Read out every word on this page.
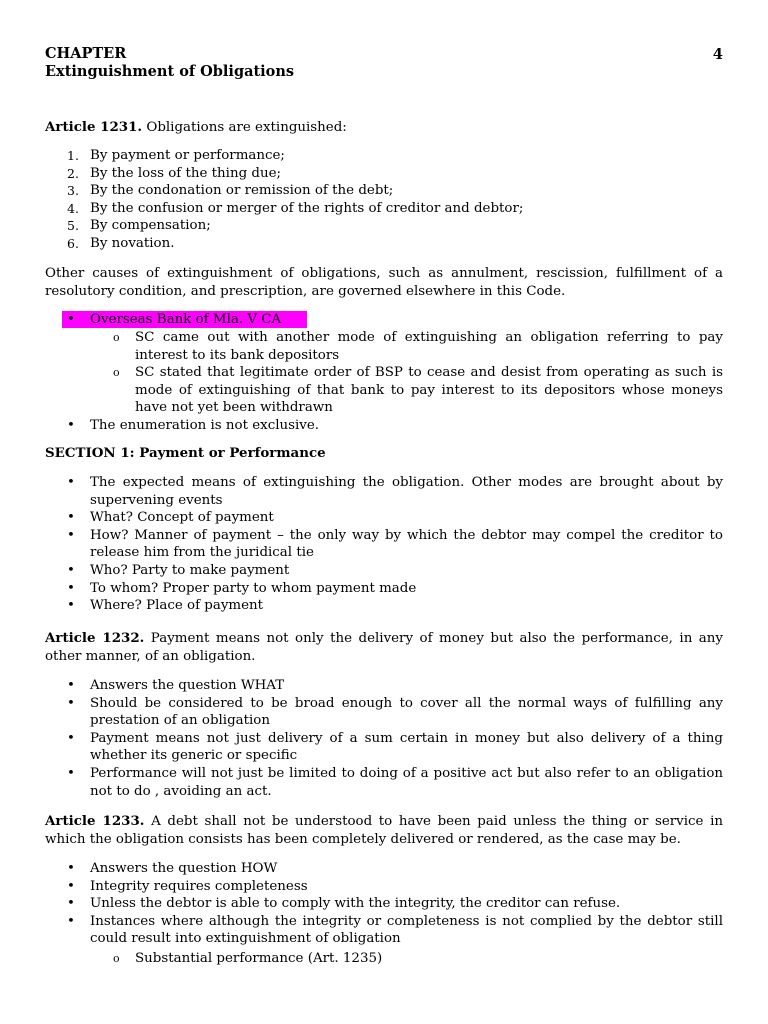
CHAPTER
Extinguishment of Obligations
4
Article 1231. Obligations are extinguished:
1. By payment or performance;
2. By the loss of the thing due;
3. By the condonation or remission of the debt;
4. By the confusion or merger of the rights of creditor and debtor;
5. By compensation;
6. By novation.
Other causes of extinguishment of obligations, such as annulment, rescission, fulfillment of a resolutory condition, and prescription, are governed elsewhere in this Code.
• Overseas Bank of Mla. V CA
o SC came out with another mode of extinguishing an obligation referring to pay interest to its bank depositors
o SC stated that legitimate order of BSP to cease and desist from operating as such is mode of extinguishing of that bank to pay interest to its depositors whose moneys have not yet been withdrawn
• The enumeration is not exclusive.
SECTION 1: Payment or Performance
• The expected means of extinguishing the obligation. Other modes are brought about by supervening events
• What? Concept of payment
• How? Manner of payment – the only way by which the debtor may compel the creditor to release him from the juridical tie
• Who? Party to make payment
• To whom? Proper party to whom payment made
• Where? Place of payment
Article 1232. Payment means not only the delivery of money but also the performance, in any other manner, of an obligation.
• Answers the question WHAT
• Should be considered to be broad enough to cover all the normal ways of fulfilling any prestation of an obligation
• Payment means not just delivery of a sum certain in money but also delivery of a thing whether its generic or specific
• Performance will not just be limited to doing of a positive act but also refer to an obligation not to do , avoiding an act.
Article 1233. A debt shall not be understood to have been paid unless the thing or service in which the obligation consists has been completely delivered or rendered, as the case may be.
• Answers the question HOW
• Integrity requires completeness
• Unless the debtor is able to comply with the integrity, the creditor can refuse.
• Instances where although the integrity or completeness is not complied by the debtor still could result into extinguishment of obligation
o Substantial performance (Art. 1235)
